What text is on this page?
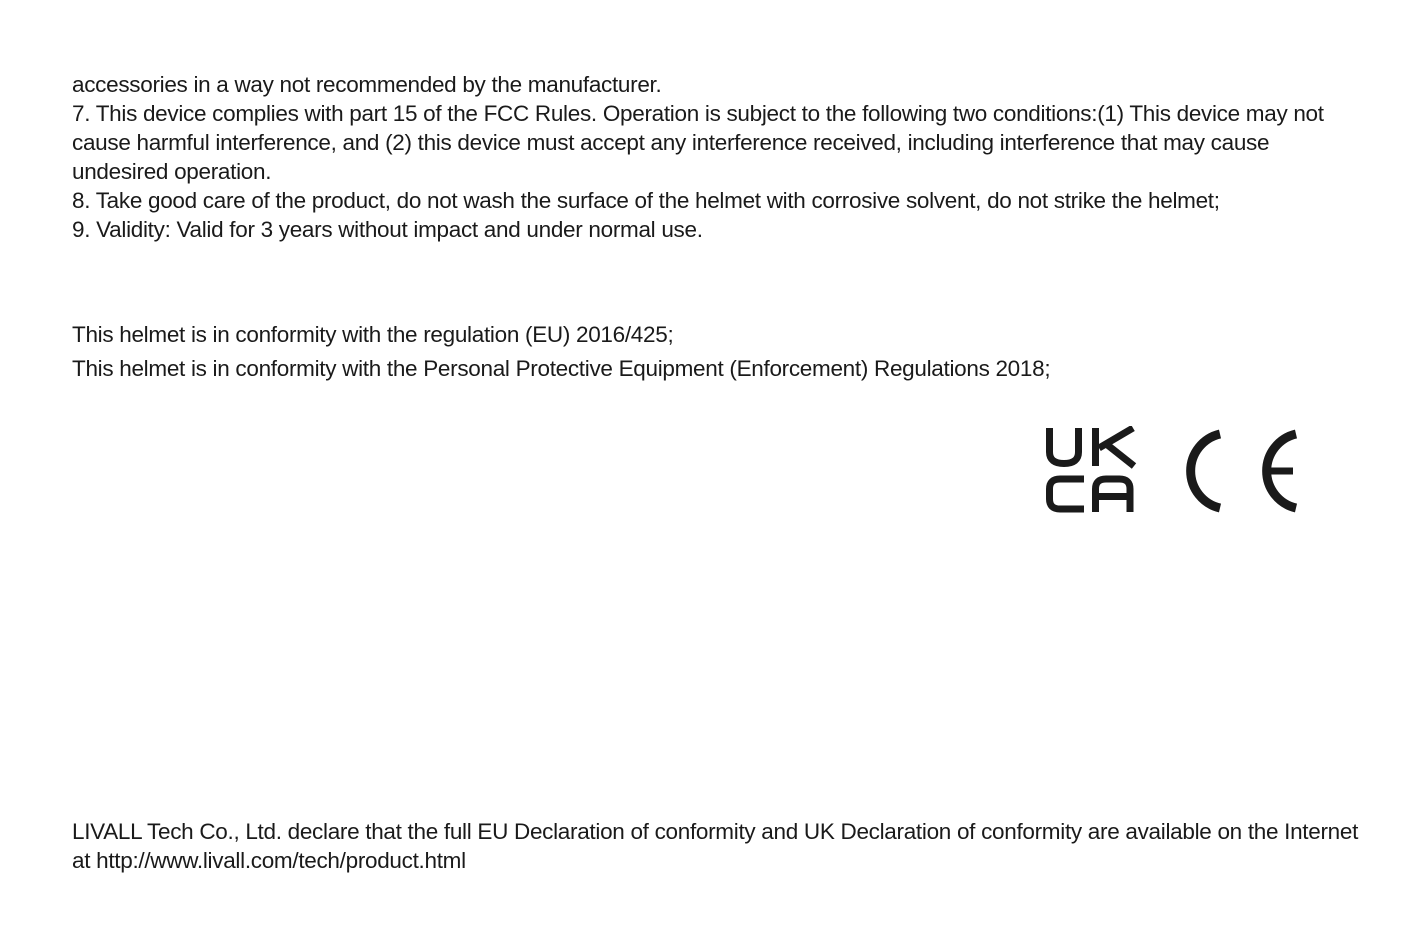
accessories in a way not recommended by the manufacturer.

7. This device complies with part 15 of the FCC Rules. Operation is subject to the following two conditions:(1) This device may not cause harmful interference, and (2) this device must accept any interference received, including interference that may cause undesired operation.

8. Take good care of the product, do not wash the surface of the helmet with corrosive solvent, do not strike the helmet;

9. Validity: Valid for 3 years without impact and under normal use.

This helmet is in conformity with the regulation (EU) 2016/425;

This helmet is in conformity with the Personal Protective Equipment (Enforcement) Regulations 2018;

LIVALL Tech Co., Ltd. declare that the full EU Declaration of conformity and UK Declaration of conformity are available on the Internet at http://www.livall.com/tech/product.html
